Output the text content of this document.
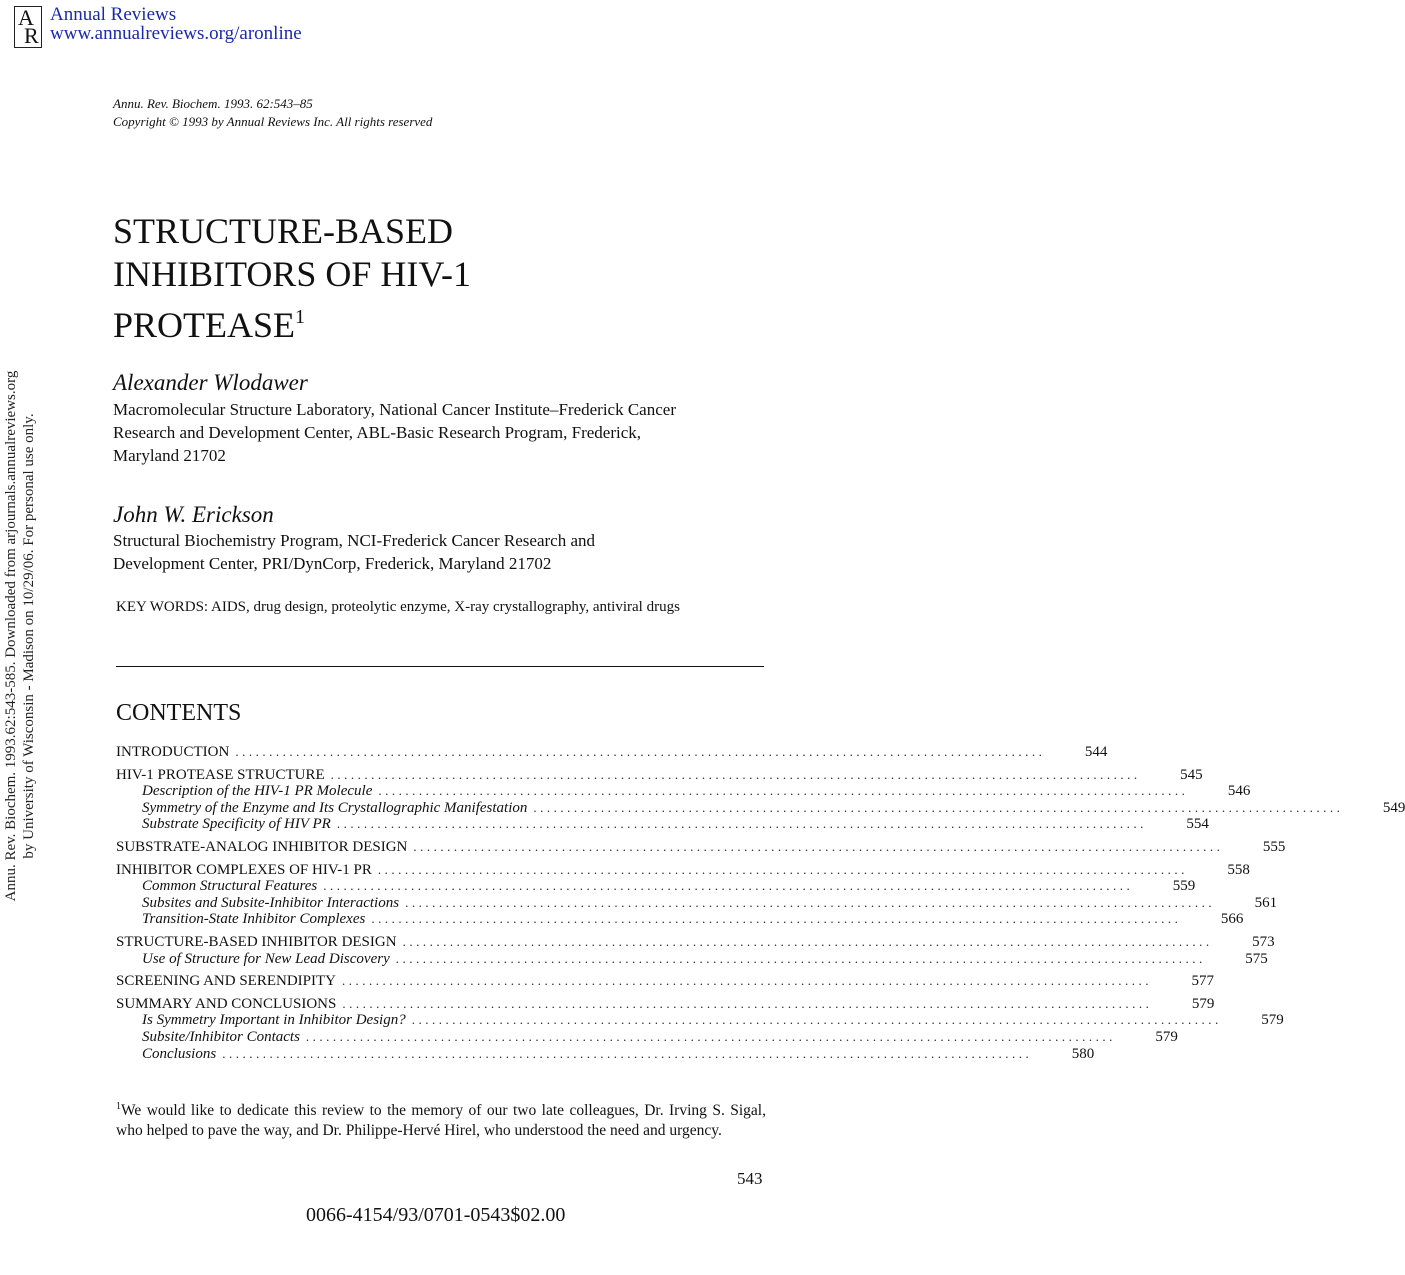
A
R
Annual Reviews
www.annualreviews.org/aronline
Annu. Rev. Biochem. 1993. 62:543–85
Copyright © 1993 by Annual Reviews Inc. All rights reserved
STRUCTURE-BASED
INHIBITORS OF HIV-1
PROTEASE$^1$
Alexander Wlodawer
Macromolecular Structure Laboratory, National Cancer Institute–Frederick Cancer
Research and Development Center, ABL-Basic Research Program, Frederick,
Maryland 21702
John W. Erickson
Structural Biochemistry Program, NCI-Frederick Cancer Research and
Development Center, PRI/DynCorp, Frederick, Maryland 21702
KEY WORDS: AIDS, drug design, proteolytic enzyme, X-ray crystallography, antiviral drugs
CONTENTS
INTRODUCTION ........................................................................................................................	544
HIV-1 PROTEASE STRUCTURE ........................................................................................................................	545
Description of the HIV-1 PR Molecule ........................................................................................................................	546
Symmetry of the Enzyme and Its Crystallographic Manifestation ........................................................................................................................	549
Substrate Specificity of HIV PR ........................................................................................................................	554
SUBSTRATE-ANALOG INHIBITOR DESIGN ........................................................................................................................	555
INHIBITOR COMPLEXES OF HIV-1 PR ........................................................................................................................	558
Common Structural Features ........................................................................................................................	559
Subsites and Subsite-Inhibitor Interactions ........................................................................................................................	561
Transition-State Inhibitor Complexes ........................................................................................................................	566
STRUCTURE-BASED INHIBITOR DESIGN ........................................................................................................................	573
Use of Structure for New Lead Discovery ........................................................................................................................	575
SCREENING AND SERENDIPITY ........................................................................................................................	577
SUMMARY AND CONCLUSIONS ........................................................................................................................	579
Is Symmetry Important in Inhibitor Design? ........................................................................................................................	579
Subsite/Inhibitor Contacts ........................................................................................................................	579
Conclusions ........................................................................................................................	580
$^1$We would like to dedicate this review to the memory of our two late colleagues, Dr. Irving S. Sigal, who helped to pave the way, and Dr. Philippe-Hervé Hirel, who understood the need and urgency.
543
0066-4154/93/0701-0543$02.00
Annu. Rev. Biochem. 1993.62:543-585. Downloaded from arjournals.annualreviews.org by University of Wisconsin - Madison on 10/29/06. For personal use only.
